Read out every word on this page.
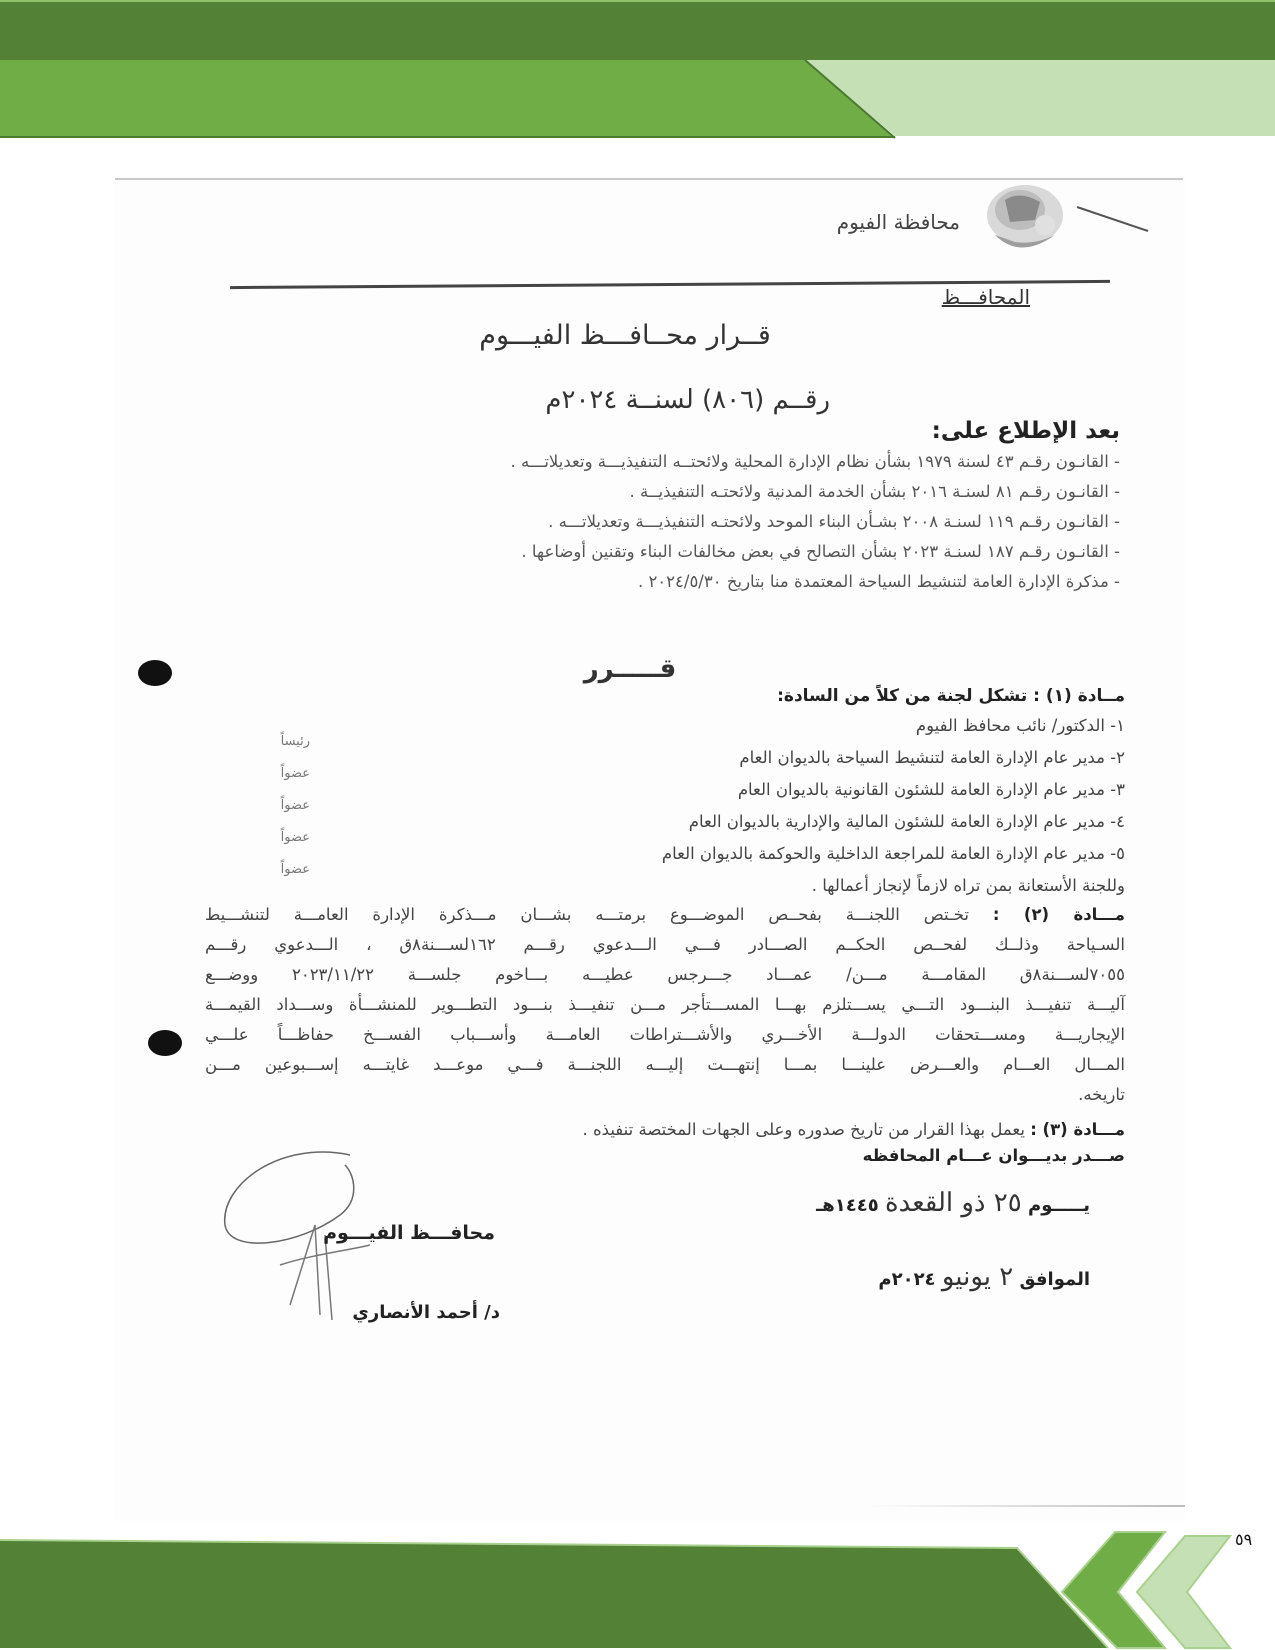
محافظة الفيوم
المحافـــظ
قــرار محــافـــظ الفيـــوم
رقــم (٨٠٦) لسنــة ٢٠٢٤م
بعد الإطلاع على:
- القانـون رقـم ٤٣ لسنة ١٩٧٩ بشأن نظام الإدارة المحلية ولائحتــه التنفيذيـــة وتعديلاتـــه .
- القانـون رقـم ٨١ لسنـة ٢٠١٦ بشأن الخدمة المدنية ولائحتـه التنفيذيــة .
- القانـون رقـم ١١٩ لسنـة ٢٠٠٨ بشـأن البناء الموحد ولائحتـه التنفيذيـــة وتعديلاتـــه .
- القانـون رقـم ١٨٧ لسنـة ٢٠٢٣ بشأن التصالح في بعض مخالفات البناء وتقنين أوضاعها .
- مذكرة الإدارة العامة لتنشيط السياحة المعتمدة منا بتاريخ ٢٠٢٤/٥/٣٠ .
قـــــرر
مــادة (١) : تشكل لجنة من كلاً من السادة:
١- الدكتور/ نائب محافظ الفيوم
٢- مدير عام الإدارة العامة لتنشيط السياحة بالديوان العام
٣- مدير عام الإدارة العامة للشئون القانونية بالديوان العام
٤- مدير عام الإدارة العامة للشئون المالية والإدارية بالديوان العام
٥- مدير عام الإدارة العامة للمراجعة الداخلية والحوكمة بالديوان العام
رئيساً
عضواً
عضواً
عضواً
عضواً
وللجنة الأستعانة بمن تراه لازماً لإنجاز أعمالها .
مـــادة (٢) : تخـتص اللجنـــة بفحــص الموضـــوع برمتـــه بشـــان مـــذكرة الإدارة العامـــة لتنشـــيط
السـياحة وذلــك لفحــص الحكــم الصـــادر فـــي الـــدعوي رقـــم ١٦٢لســـنة٨ق ، الـــدعوي رقـــم
٧٠٥٥لســـنة٨ق المقامـــة مـــن/ عمـــاد جـــرجس عطيـــه بـــاخوم جلســـة ٢٠٢٣/١١/٢٢ ووضـــع
آليـــة تنفيـــذ البنـــود التـــي يســـتلزم بهـــا المســـتأجر مـــن تنفيـــذ بنـــود التطـــوير للمنشـــأة وســـداد القيمـــة
الإيجاريـــة ومســـتحقات الدولـــة الأخـــري والأشـــتراطات العامـــة وأســـباب الفســـخ حفاظـــاً علـــي
المـــال العـــام والعـــرض علينـــا بمـــا إنتهـــت إليـــه اللجنـــة فـــي موعـــد غايتـــه إســـبوعين مـــن
تاريخه.
مـــادة (٣) : يعمل بهذا القرار من تاريخ صدوره وعلى الجهات المختصة تنفيذه .
صـــدر بديـــوان عـــام المحافظه
يـــــوم ٢٥ ذو القعدة ١٤٤٥هـ
الموافق ٢ يونيو ٢٠٢٤م
محافـــظ الفيـــوم
د/ أحمد الأنصاري
٥٩
